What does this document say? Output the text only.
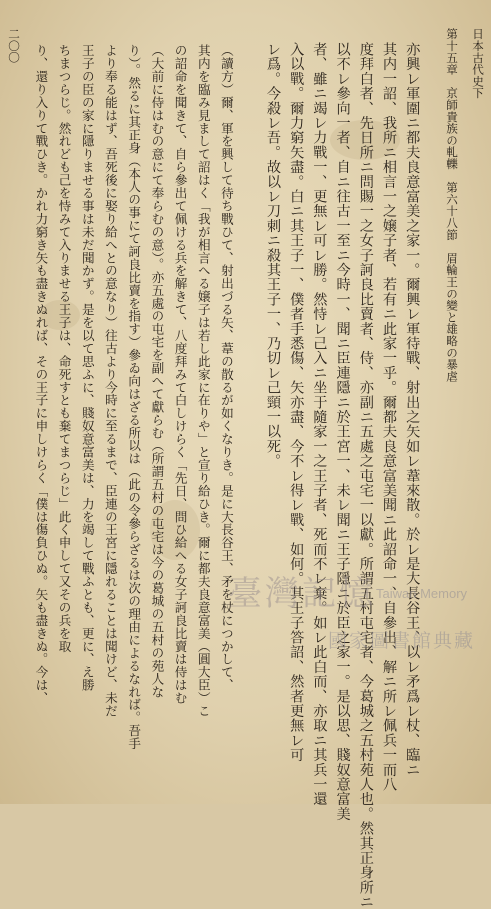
日本古代史下
第十五章　京師貴族の軋轢　第六十八節　眉輪王の變と雄略の暴虐
二〇〇	亦興レ軍圍ニ都夫良意富美之家一。爾興レ軍待戰、射出之矢如レ葦來散。於レ是大長谷王、以レ矛爲レ杖、臨ニ
其内一詔、我所ニ相言一之嬢子者、若有ニ此家一乎。爾都夫良意富美聞ニ此詔命一、自參出、解ニ所レ佩兵一而八
度拜白者、先日所ニ問賜一之女子訶良比賣者、侍、亦副ニ五處之屯宅一以獻。所謂五村屯宅者、今葛城之五村苑人也。然其正身所ニ
以不レ參向一者、自ニ往古一至ニ今時一、聞ニ臣連隱ニ於王宮一、未レ聞ニ王子隱ニ於臣之家一。是以思、賤奴意富美
者、雖ニ竭レ力戰一、更無レ可レ勝。然恃レ己入ニ坐于隨家一之王子者、死而不レ棄。如レ此白而、亦取ニ其兵一還
入以戰。爾力窮矢盡。白ニ其王子一、僕者手悉傷、矢亦盡、今不レ得レ戰、如何。其王子答詔、然者更無レ可
レ爲。今殺レ吾。故以レ刀刺ニ殺其王子一、乃切レ己頸一以死。
（讀方）爾、軍を興して待ち戰ひて、射出づる矢、葦の散るが如くなりき。是に大長谷王、矛を杖につかして、
其内を臨み見まして詔はく「我が相言へる嬢子は若し此家に在りや」と宣り給ひき。爾に都夫良意富美（圓大臣）こ
の詔命を聞きて、自ら參出て佩ける兵を解きて、八度拜みて白しけらく「先日、問ひ給へる女子訶良比賣は侍はむ
（大前に侍はむの意にて奉らむの意）。亦五處の屯宅を副へて獻らむ（所謂五村の屯宅は今の葛城の五村の苑人な
り）。然るに其正身（本人の事にて訶良比賣を指す）參ゐ向はざる所以は（此の令參らざるは次の理由によるなれば。吾手
より奉る能はず、吾死後に娶り給へとの意なり）往古より今時に至るまで、臣連の王宮に隱れることは聞けど、未だ
王子の臣の家に隱りませる事は未だ聞かず。是を以て思ふに、賤奴意富美は、力を竭して戰ふとも、更に、え勝
ちまつらじ。然れども己を恃みて入りませる王子は、命死すとも棄てまつらじ」此く申して又その兵を取
り、還り入りて戰ひき。かれ力窮き矢も盡きぬれば、その王子に申しけらく「僕は傷負ひぬ。矢も盡きぬ。今は、	臺灣記憶 Taiwan Memory
國家圖書館典藏
